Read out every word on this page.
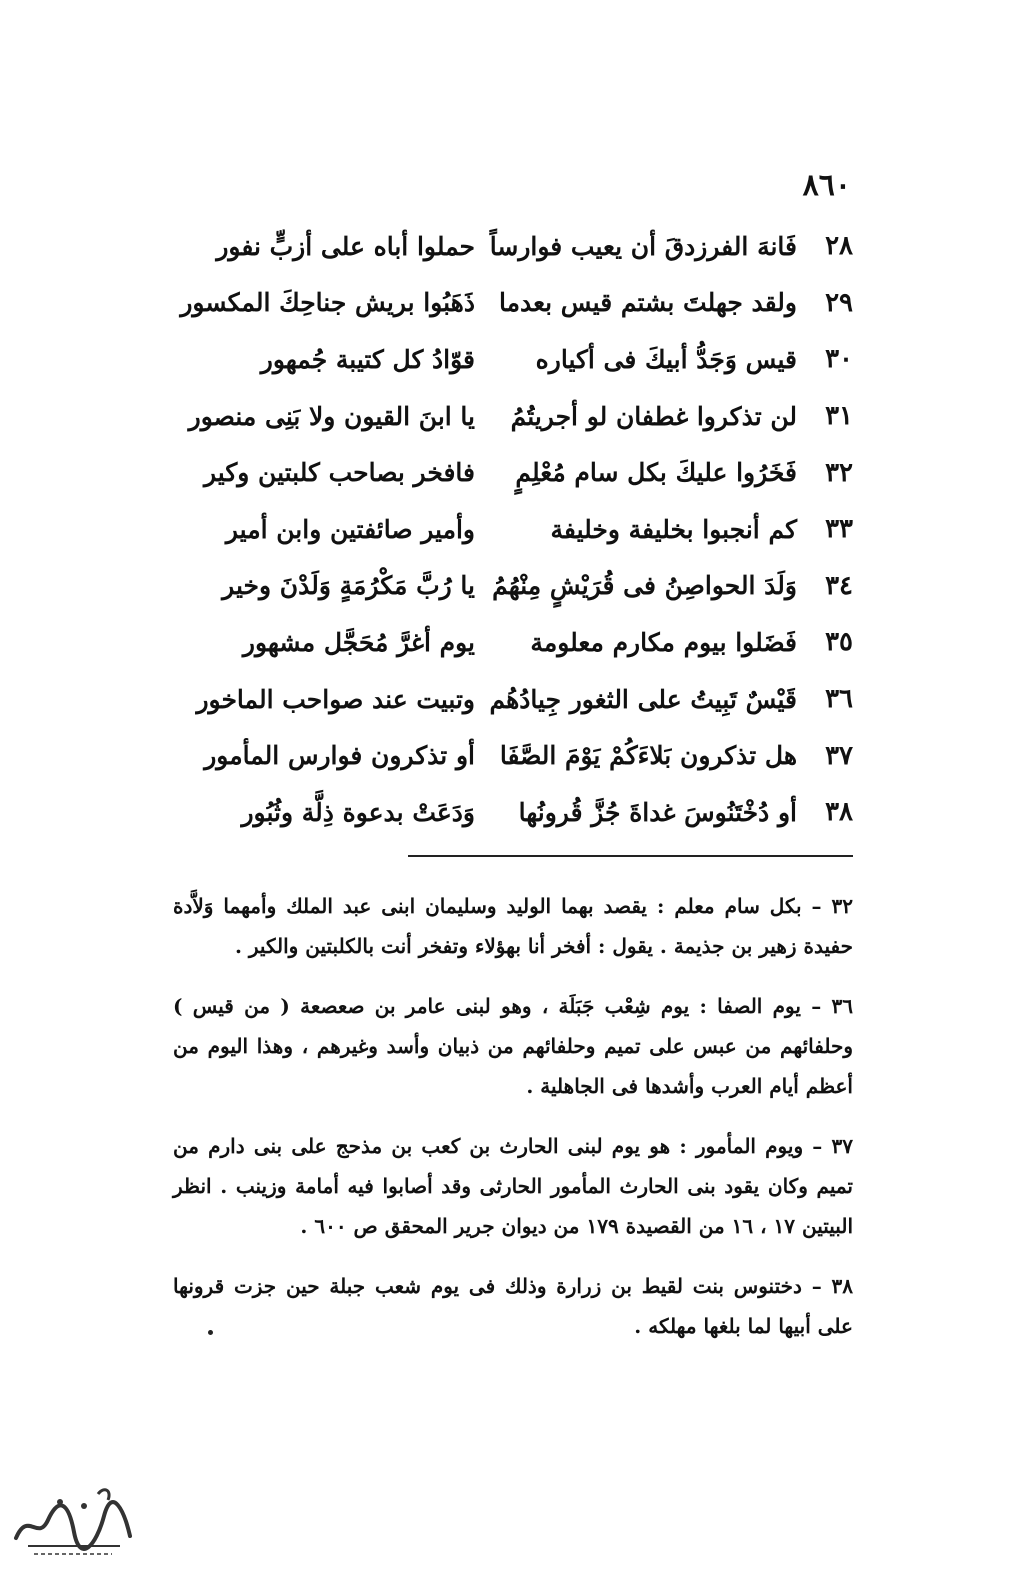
٨٦٠
٢٨
فَانهَ الفرزدقَ أن يعيب فوارساً
حملوا أباه على أزبٍّ نفور
٢٩
ولقد جهلتَ بشتم قيس بعدما
ذَهَبُوا بريش جناحِكَ المكسور
٣٠
قيس وَجَدُّ أبيكَ فى أكياره
قوّادُ كل كتيبة جُمهور
٣١
لن تذكروا غطفان لو أجريتُمُ
يا ابنَ القيون ولا بَنِى منصور
٣٢
فَخَرُوا عليكَ بكل سام مُعْلِمٍ
فافخر بصاحب كلبتين وكير
٣٣
كم أنجبوا بخليفة وخليفة
وأمير صائفتين وابن أمير
٣٤
وَلَدَ الحواصِنُ فى قُرَيْشٍ مِنْهُمُ
يا رُبَّ مَكْرُمَةٍ وَلَدْنَ وخير
٣٥
فَضَلوا بيوم مكارم معلومة
يوم أغرَّ مُحَجَّل مشهور
٣٦
قَيْسٌ تَبِيتُ على الثغور جِيادُهُم
وتبيت عند صواحب الماخور
٣٧
هل تذكرون بَلاءَكُمْ يَوْمَ الصَّفَا
أو تذكرون فوارس المأمور
٣٨
أو دُخْتَنُوسَ غداةَ جُزَّ قُرونُها
وَدَعَتْ بدعوة ذِلَّة وثُبُور

٣٢ – بكل سام معلم : يقصد بهما الوليد وسليمان ابنى عبد الملك وأمهما وَلاَّدة حفيدة زهير بن جذيمة . يقول : أفخر أنا بهؤلاء وتفخر أنت بالكلبتين والكير .

٣٦ – يوم الصفا : يوم شِعْب جَبَلَة ، وهو لبنى عامر بن صعصعة ( من قيس ) وحلفائهم من عبس على تميم وحلفائهم من ذبيان وأسد وغيرهم ، وهذا اليوم من أعظم أيام العرب وأشدها فى الجاهلية .

٣٧ – ويوم المأمور : هو يوم لبنى الحارث بن كعب بن مذحج على بنى دارم من تميم وكان يقود بنى الحارث المأمور الحارثى وقد أصابوا فيه أمامة وزينب . انظر البيتين ١٧ ، ١٦ من القصيدة ١٧٩ من ديوان جرير المحقق ص ٦٠٠ .

٣٨ – دختنوس بنت لقيط بن زرارة وذلك فى يوم شعب جبلة حين جزت قرونها على أبيها لما بلغها مهلكه .
